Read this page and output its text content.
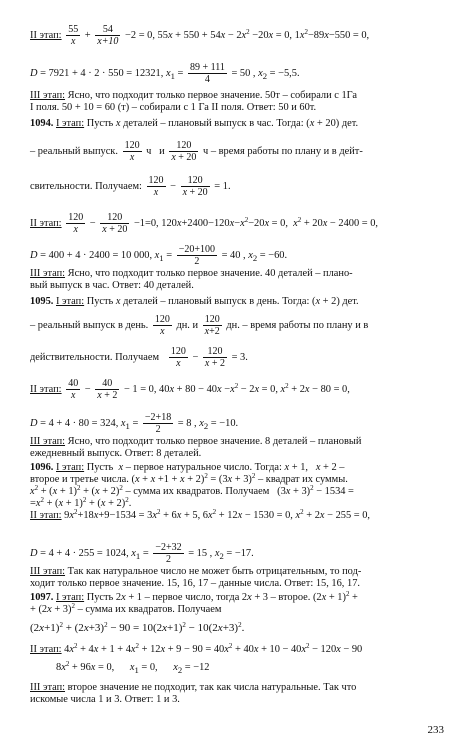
II этап: $\frac{55}{x} + \frac{54}{x+10} -2 = 0$, $55x + 550 + 54x - 2x^2 -20x = 0$, $1x^2-89x-550 = 0$,
D = 7921 + 4 · 2 · 550 = 12321, $x_1 = \frac{89 + 111}{4} = 50$ , $x_2 = -5,5$.
III этап: Ясно, что подходит только первое значение. 50т – собирали с 1Га
I поля. 50 + 10 = 60 (т) – собирали с 1 Га II поля. Ответ: 50 и 60т.
1094. I этап: Пусть x деталей – плановый выпуск в час. Тогда: (x + 20) дет.
– реальный выпуск. $\frac{120}{x}$ ч   и $\frac{120}{x + 20}$ ч – время работы по плану и в дейт-
свительности. Получаем: $\frac{120}{x} - \frac{120}{x + 20} = 1$.
II этап: $\frac{120}{x} - \frac{120}{x + 20} -1=0$, $120x+2400-120x-x^2-20x = 0$,  $x^2 + 20x - 2400 = 0$,
D = 400 + 4 · 2400 = 10 000, $x_1 = \frac{-20+100}{2} = 40$ , $x_2 = -60$.
III этап: Ясно, что подходит только первое значение. 40 деталей – плано-
вый выпуск в час. Ответ: 40 деталей.
1095. I этап: Пусть x деталей – плановый выпуск в день. Тогда: (x + 2) дет.
– реальный выпуск в день. $\frac{120}{x}$ дн. и $\frac{120}{x+2}$ дн. – время работы по плану и в
действительности. Получаем $\frac{120}{x} - \frac{120}{x + 2} = 3$.
II этап: $\frac{40}{x} - \frac{40}{x + 2} - 1 = 0$, $40x + 80 - 40x -x^2 - 2x = 0$, $x^2 + 2x - 80 = 0$,
D = 4 + 4 · 80 = 324, $x_1 = \frac{-2+18}{2} = 8$ , $x_2 = -10$.
III этап: Ясно, что подходит только первое значение. 8 деталей – плановый
ежедневный выпуск. Ответ: 8 деталей.
1096. I этап: Пусть  x – первое натуральное число. Тогда: x + 1,   x + 2 –
второе и третье числа. $(x + x +1 + x + 2)^2 = (3x + 3)^2$ – квадрат их суммы.
$x^2 + (x + 1)^2 + (x + 2)^2$ – сумма их квадратов. Получаем   $(3x + 3)^2 - 1534$ =
$=x^2 + (x + 1)^2 + (x + 2)^2$.
II этап: $9x^2+18x+9-1534 = 3x^2 + 6x + 5$, $6x^2 + 12x - 1530 = 0$, $x^2 + 2x - 255 = 0$,
D = 4 + 4 · 255 = 1024, $x_1 = \frac{-2+32}{2} = 15$ , $x_2 = -17$.
III этап: Так как натуральное число не может быть отрицательным, то под-
ходит только первое значение. 15, 16, 17 – данные числа. Ответ: 15, 16, 17.
1097. I этап: Пусть 2x + 1 – первое число, тогда 2x + 3 – второе. $(2x + 1)^2$ +
+ $(2x + 3)^2$ – сумма их квадратов. Получаем
$(2x+1)^2 + (2x+3)^2 - 90 = 10(2x+1)^2 - 10(2x+3)^2$.
II этап: $4x^2 + 4x + 1 + 4x^2 + 12x + 9 - 90 = 40x^2 + 40x + 10 - 40x^2 - 120x - 90$
$8x^2 + 96x = 0$,      $x_1 = 0$,      $x_2 = -12$
III этап: второе значение не подходит, так как числа натуральные. Так что
искомые числа 1 и 3. Ответ: 1 и 3.
233
